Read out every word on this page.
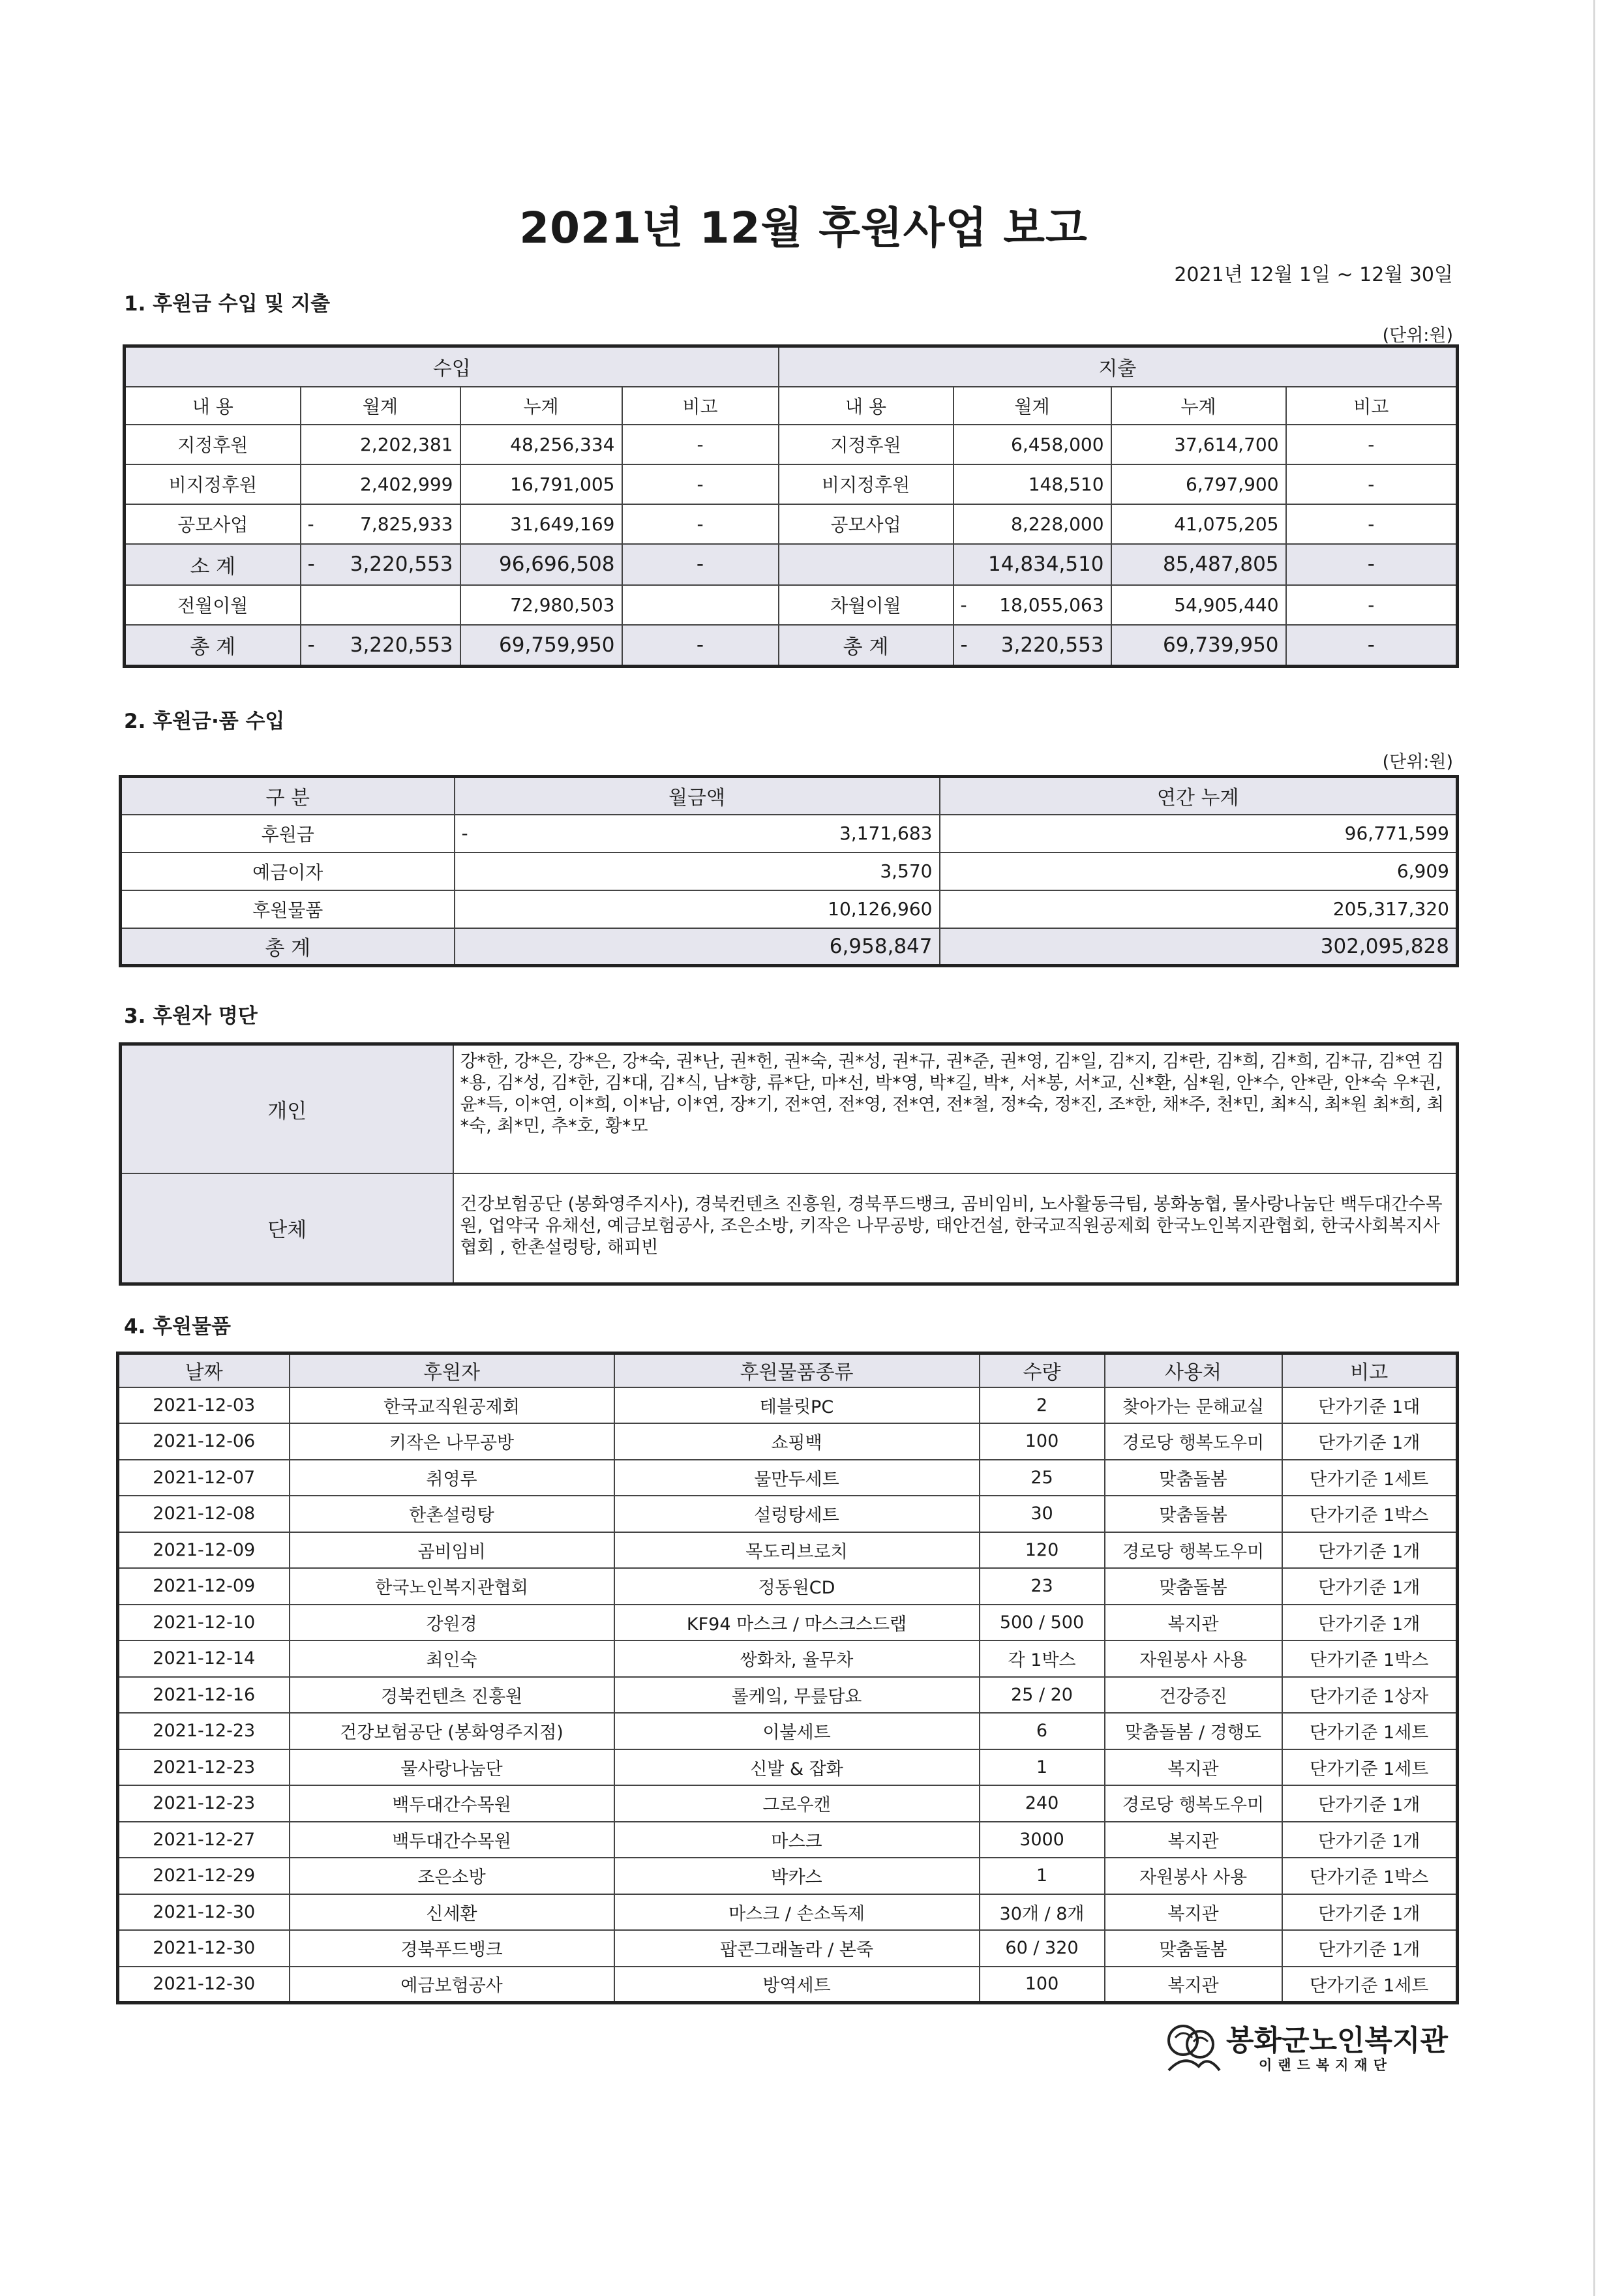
2021년 12월 후원사업 보고
2021년 12월 1일 ~ 12월 30일
1. 후원금 수입 및 지출
(단위:원)
수입				지출			
내 용	월계	누계	비고	내 용	월계	누계	비고
지정후원	2,202,381	48,256,334	-	지정후원	6,458,000	37,614,700	-
비지정후원	2,402,999	16,791,005	-	비지정후원	148,510	6,797,900	-
공모사업	- 7,825,933	31,649,169	-	공모사업	8,228,000	41,075,205	-
소 계	- 3,220,553	96,696,508	-		14,834,510	85,487,805	-
전월이월		72,980,503		차월이월	- 18,055,063	54,905,440	-
총 계	- 3,220,553	69,759,950	-	총 계	- 3,220,553	69,739,950	-
2. 후원금·품 수입
(단위:원)
구 분	월금액	연간 누계
후원금	- 3,171,683	96,771,599
예금이자	3,570	6,909
후원물품	10,126,960	205,317,320
총 계	6,958,847	302,095,828
3. 후원자 명단
개인	강*한, 강*은, 강*은, 강*숙, 권*난, 권*헌, 권*숙, 권*성, 권*규, 권*준, 권*영, 김*일, 김*지, 김*란, 김*희, 김*희, 김*규, 김*연 김*용, 김*성, 김*한, 김*대, 김*식, 남*향, 류*단, 마*선, 박*영, 박*길, 박*, 서*봉, 서*교, 신*환, 심*원, 안*수, 안*란, 안*숙 우*권, 윤*득, 이*연, 이*희, 이*남, 이*연, 장*기, 전*연, 전*영, 전*연, 전*철, 정*숙, 정*진, 조*한, 채*주, 천*민, 최*식, 최*원 최*희, 최*숙, 최*민, 추*호, 황*모
단체	건강보험공단 (봉화영주지사), 경북컨텐츠 진흥원, 경북푸드뱅크, 곰비임비, 노사활동극팀, 봉화농협, 물사랑나눔단 백두대간수목원, 업약국 유채선, 예금보험공사, 조은소방, 키작은 나무공방, 태안건설, 한국교직원공제회 한국노인복지관협회, 한국사회복지사협회 , 한촌설렁탕, 해피빈
4. 후원물품
날짜	후원자	후원물품종류	수량	사용처	비고
2021-12-03	한국교직원공제회	테블릿PC	2	찾아가는 문해교실	단가기준 1대
2021-12-06	키작은 나무공방	쇼핑백	100	경로당 행복도우미	단가기준 1개
2021-12-07	취영루	물만두세트	25	맞춤돌봄	단가기준 1세트
2021-12-08	한촌설렁탕	설렁탕세트	30	맞춤돌봄	단가기준 1박스
2021-12-09	곰비임비	목도리브로치	120	경로당 행복도우미	단가기준 1개
2021-12-09	한국노인복지관협회	정동원CD	23	맞춤돌봄	단가기준 1개
2021-12-10	강원경	KF94 마스크 / 마스크스드랩	500 / 500	복지관	단가기준 1개
2021-12-14	최인숙	쌍화차, 율무차	각 1박스	자원봉사 사용	단가기준 1박스
2021-12-16	경북컨텐츠 진흥원	롤케잌, 무릎담요	25 / 20	건강증진	단가기준 1상자
2021-12-23	건강보험공단 (봉화영주지점)	이불세트	6	맞춤돌봄 / 경행도	단가기준 1세트
2021-12-23	물사랑나눔단	신발 & 잡화	1	복지관	단가기준 1세트
2021-12-23	백두대간수목원	그로우캔	240	경로당 행복도우미	단가기준 1개
2021-12-27	백두대간수목원	마스크	3000	복지관	단가기준 1개
2021-12-29	조은소방	박카스	1	자원봉사 사용	단가기준 1박스
2021-12-30	신세환	마스크 / 손소독제	30개 / 8개	복지관	단가기준 1개
2021-12-30	경북푸드뱅크	팝콘그래놀라 / 본죽	60 / 320	맞춤돌봄	단가기준 1개
2021-12-30	예금보험공사	방역세트	100	복지관	단가기준 1세트
봉화군노인복지관
이랜드복지재단
